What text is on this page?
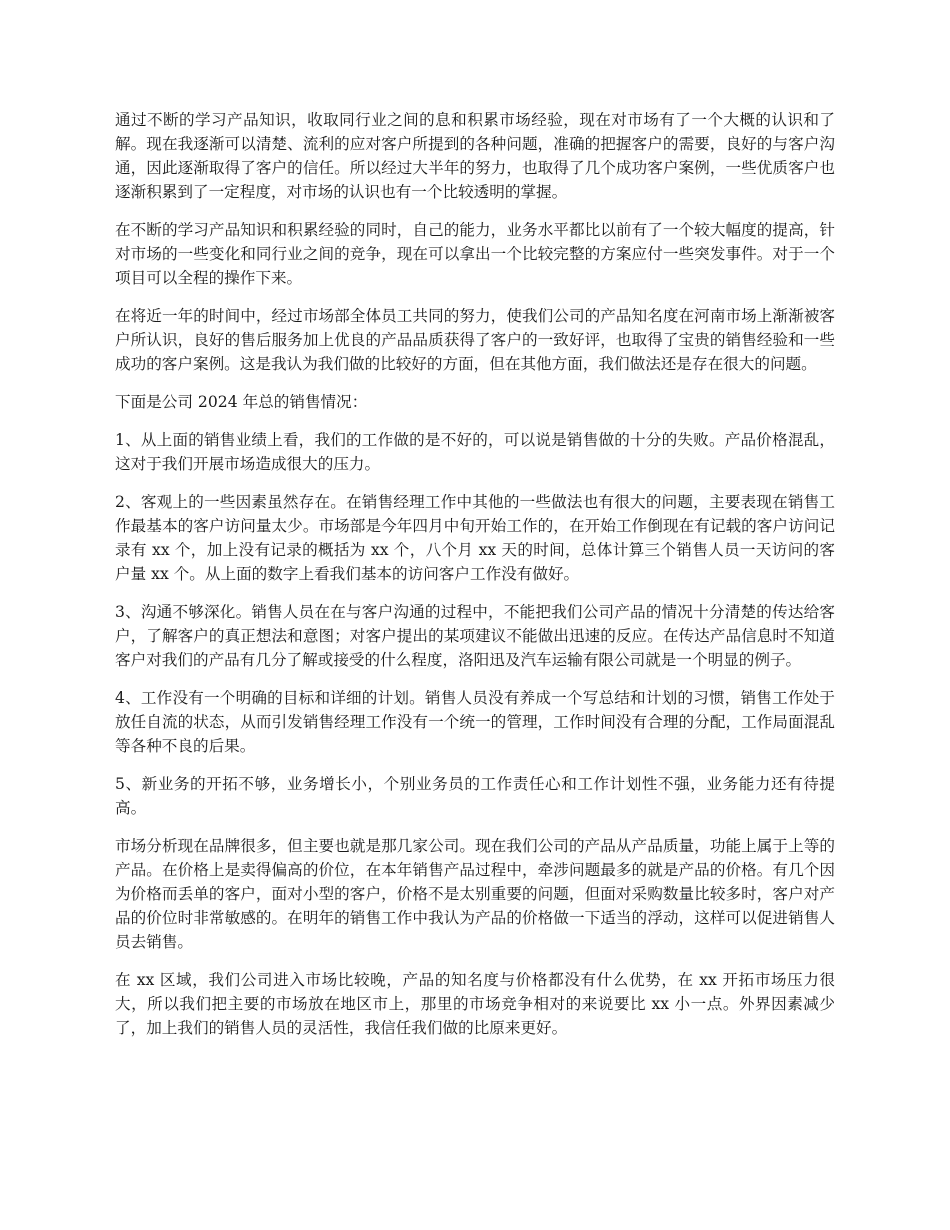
通过不断的学习产品知识，收取同行业之间的息和积累市场经验，现在对市场有了一个大概的认识和了解。现在我逐渐可以清楚、流利的应对客户所提到的各种问题，准确的把握客户的需要，良好的与客户沟通，因此逐渐取得了客户的信任。所以经过大半年的努力，也取得了几个成功客户案例，一些优质客户也逐渐积累到了一定程度，对市场的认识也有一个比较透明的掌握。

在不断的学习产品知识和积累经验的同时，自己的能力，业务水平都比以前有了一个较大幅度的提高，针对市场的一些变化和同行业之间的竞争，现在可以拿出一个比较完整的方案应付一些突发事件。对于一个项目可以全程的操作下来。

在将近一年的时间中，经过市场部全体员工共同的努力，使我们公司的产品知名度在河南市场上渐渐被客户所认识，良好的售后服务加上优良的产品品质获得了客户的一致好评，也取得了宝贵的销售经验和一些成功的客户案例。这是我认为我们做的比较好的方面，但在其他方面，我们做法还是存在很大的问题。

下面是公司 2024 年总的销售情况：

1、从上面的销售业绩上看，我们的工作做的是不好的，可以说是销售做的十分的失败。产品价格混乱，这对于我们开展市场造成很大的压力。

2、客观上的一些因素虽然存在。在销售经理工作中其他的一些做法也有很大的问题，主要表现在销售工作最基本的客户访问量太少。市场部是今年四月中旬开始工作的，在开始工作倒现在有记载的客户访问记录有 xx 个，加上没有记录的概括为 xx 个，八个月 xx 天的时间，总体计算三个销售人员一天访问的客户量 xx 个。从上面的数字上看我们基本的访问客户工作没有做好。

3、沟通不够深化。销售人员在在与客户沟通的过程中，不能把我们公司产品的情况十分清楚的传达给客户，了解客户的真正想法和意图；对客户提出的某项建议不能做出迅速的反应。在传达产品信息时不知道客户对我们的产品有几分了解或接受的什么程度，洛阳迅及汽车运输有限公司就是一个明显的例子。

4、工作没有一个明确的目标和详细的计划。销售人员没有养成一个写总结和计划的习惯，销售工作处于放任自流的状态，从而引发销售经理工作没有一个统一的管理，工作时间没有合理的分配，工作局面混乱等各种不良的后果。

5、新业务的开拓不够，业务增长小，个别业务员的工作责任心和工作计划性不强，业务能力还有待提高。

市场分析现在品牌很多，但主要也就是那几家公司。现在我们公司的产品从产品质量，功能上属于上等的产品。在价格上是卖得偏高的价位，在本年销售产品过程中，牵涉问题最多的就是产品的价格。有几个因为价格而丢单的客户，面对小型的客户，价格不是太别重要的问题，但面对采购数量比较多时，客户对产品的价位时非常敏感的。在明年的销售工作中我认为产品的价格做一下适当的浮动，这样可以促进销售人员去销售。

在 xx 区域，我们公司进入市场比较晚，产品的知名度与价格都没有什么优势，在 xx 开拓市场压力很大，所以我们把主要的市场放在地区市上，那里的市场竞争相对的来说要比 xx 小一点。外界因素减少了，加上我们的销售人员的灵活性，我信任我们做的比原来更好。
